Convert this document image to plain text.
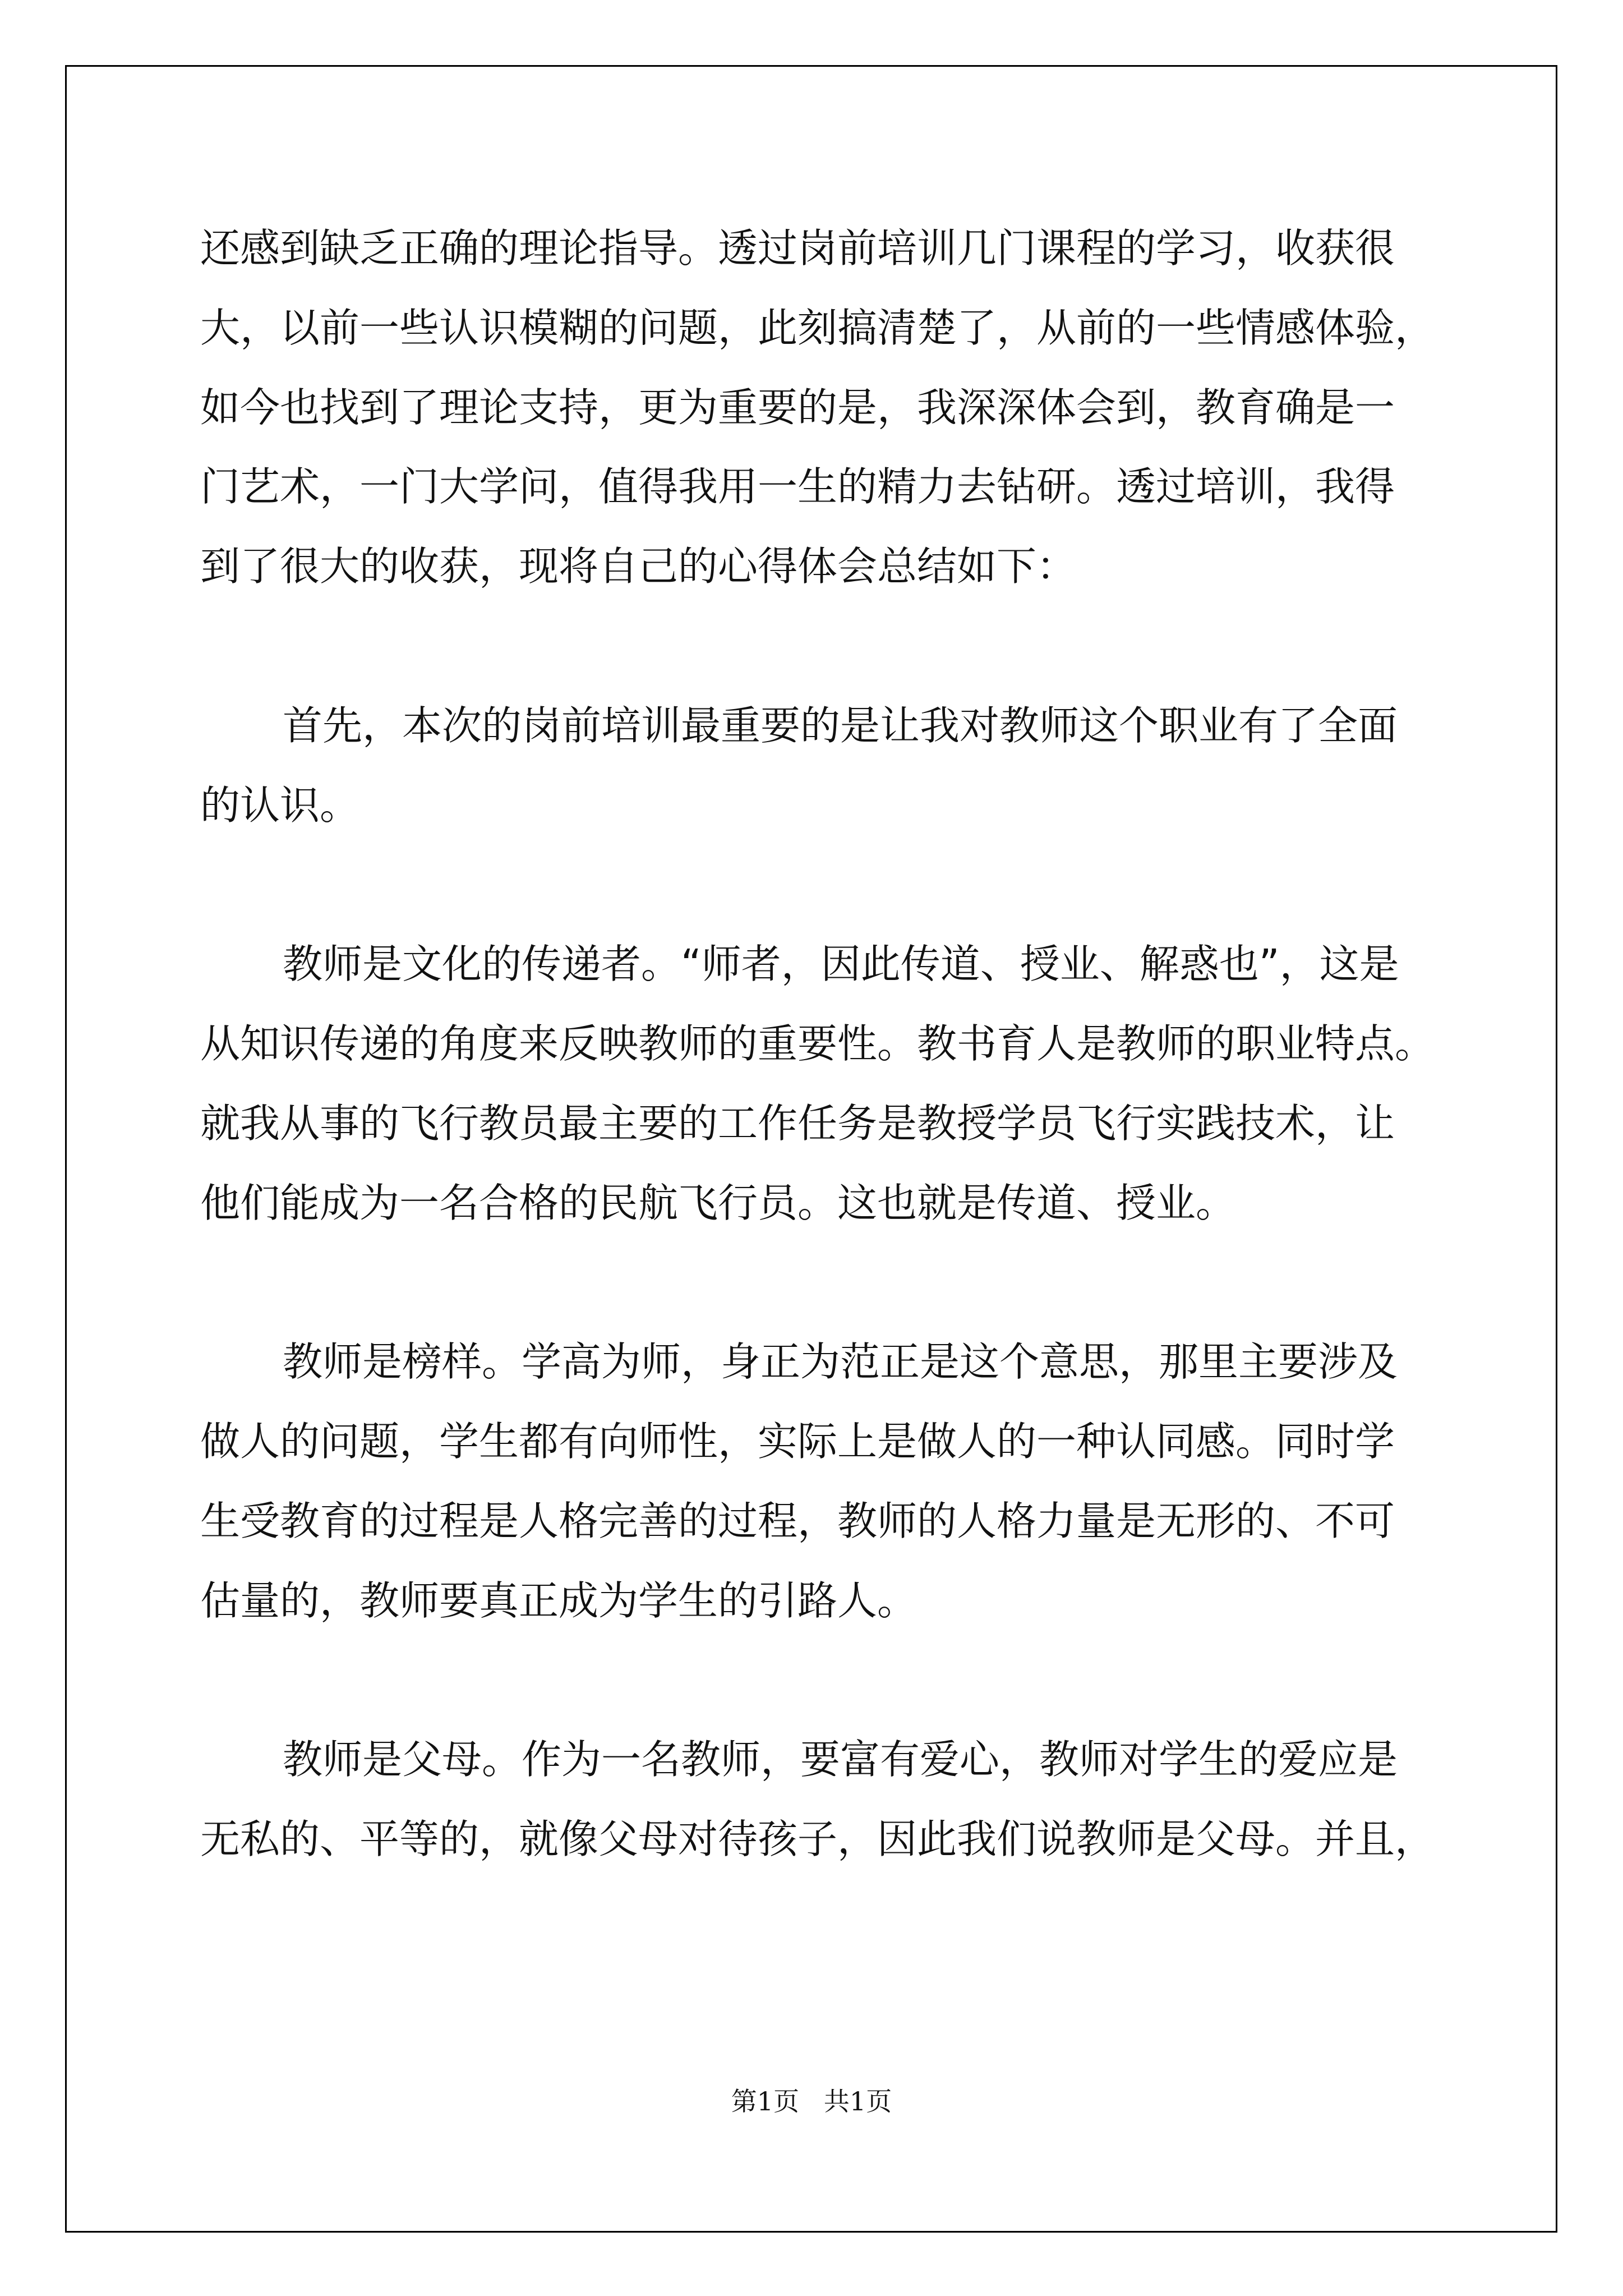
还感到缺乏正确的理论指导。透过岗前培训几门课程的学习，收获很
大，以前一些认识模糊的问题，此刻搞清楚了，从前的一些情感体验，
如今也找到了理论支持，更为重要的是，我深深体会到，教育确是一
门艺术，一门大学问，值得我用一生的精力去钻研。透过培训，我得
到了很大的收获，现将自己的心得体会总结如下：
首先，本次的岗前培训最重要的是让我对教师这个职业有了全面
的认识。
教师是文化的传递者。“师者，因此传道、授业、解惑也”，这是
从知识传递的角度来反映教师的重要性。教书育人是教师的职业特点。
就我从事的飞行教员最主要的工作任务是教授学员飞行实践技术，让
他们能成为一名合格的民航飞行员。这也就是传道、授业。
教师是榜样。学高为师，身正为范正是这个意思，那里主要涉及
做人的问题，学生都有向师性，实际上是做人的一种认同感。同时学
生受教育的过程是人格完善的过程，教师的人格力量是无形的、不可
估量的，教师要真正成为学生的引路人。
教师是父母。作为一名教师，要富有爱心，教师对学生的爱应是
无私的、平等的，就像父母对待孩子，因此我们说教师是父母。并且，
第1页   共1页
